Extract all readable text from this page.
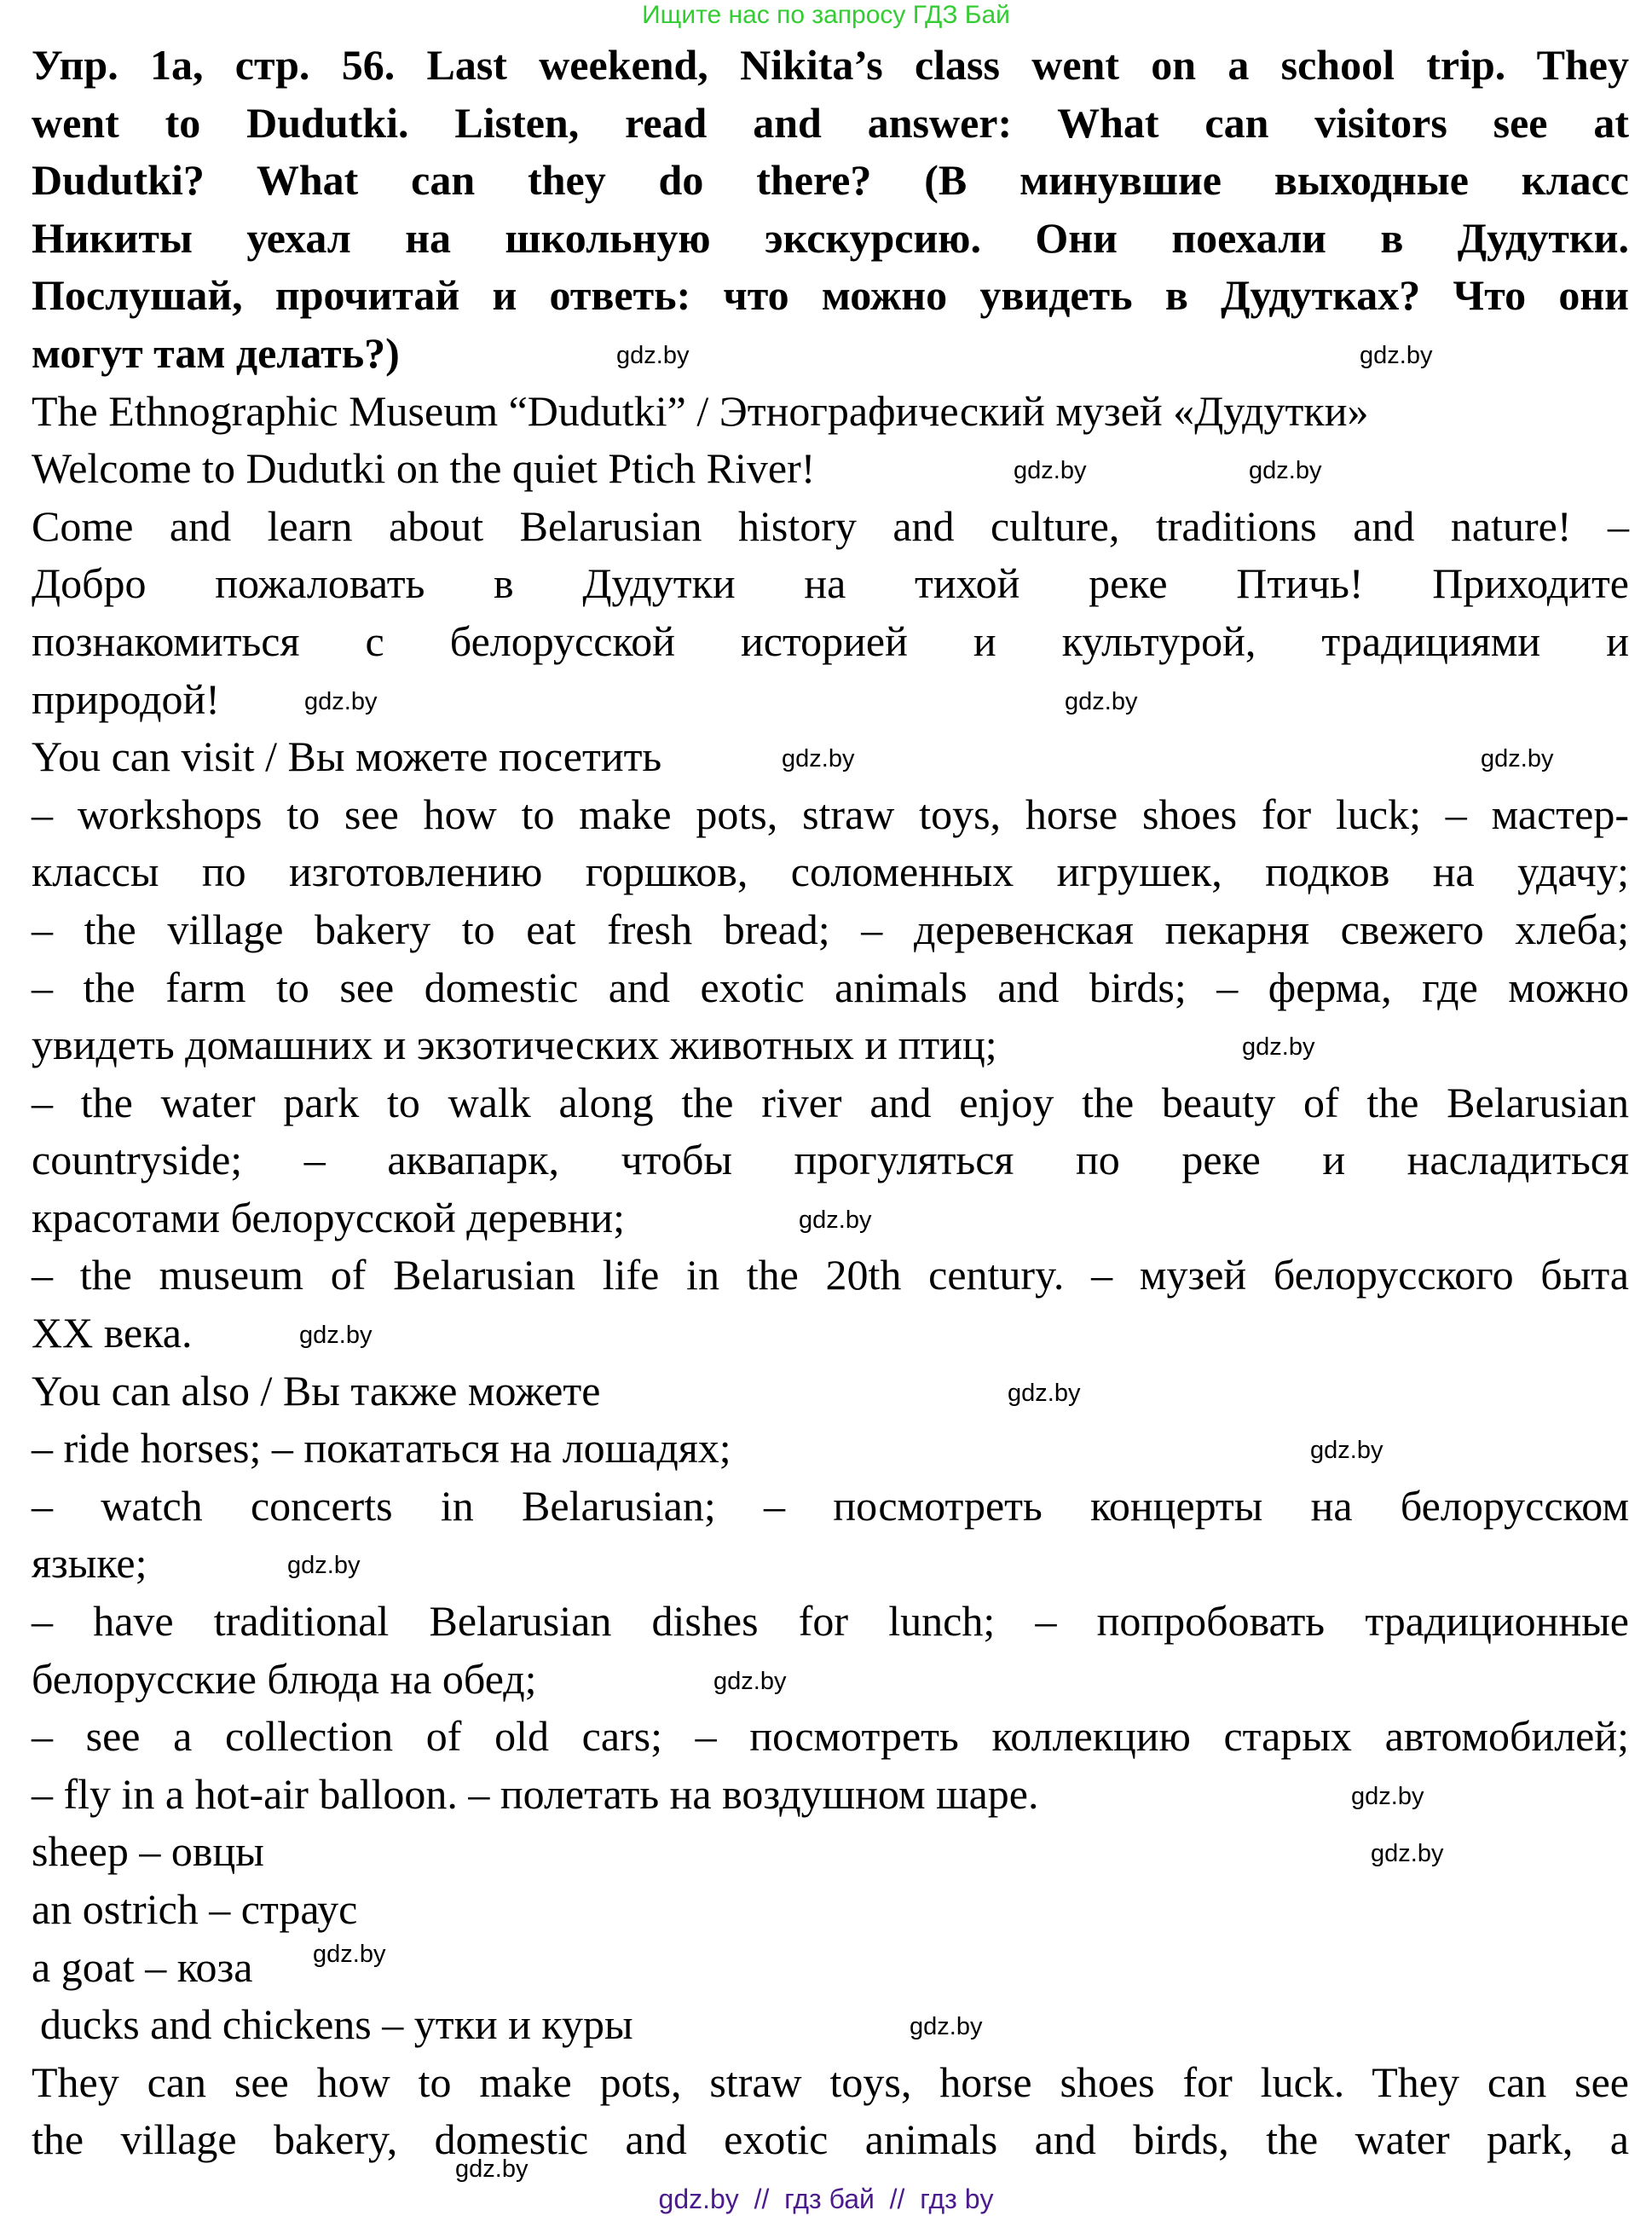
Ищите нас по запросу ГДЗ Бай
Упр. 1a, стр. 56. Last weekend, Nikita’s class went on a school trip. They
went to Dudutki. Listen, read and answer: What can visitors see at
Dudutki? What can they do there? (В минувшие выходные класс
Никиты уехал на школьную экскурсию. Они поехали в Дудутки.
Послушай, прочитай и ответь: что можно увидеть в Дудутках? Что они
могут там делать?)	gdz.by	gdz.by
The Ethnographic Museum “Dudutki” / Этнографический музей «Дудутки»
Welcome to Dudutki on the quiet Ptich River!	gdz.by	gdz.by
Come and learn about Belarusian history and culture, traditions and nature! –
Добро пожаловать в Дудутки на тихой реке Птичь! Приходите
познакомиться с белорусской историей и культурой, традициями и
природой!	gdz.by	gdz.by
You can visit / Вы можете посетить	gdz.by	gdz.by
– workshops to see how to make pots, straw toys, horse shoes for luck; – мастер-
классы по изготовлению горшков, соломенных игрушек, подков на удачу;
– the village bakery to eat fresh bread; – деревенская пекарня свежего хлеба;
– the farm to see domestic and exotic animals and birds; – ферма, где можно
увидеть домашних и экзотических животных и птиц;	gdz.by
– the water park to walk along the river and enjoy the beauty of the Belarusian
countryside; – аквапарк, чтобы прогуляться по реке и насладиться
красотами белорусской деревни;	gdz.by
– the museum of Belarusian life in the 20th century. – музей белорусского быта
XX века.	gdz.by
You can also / Вы также можете	gdz.by
– ride horses; – покататься на лошадях;	gdz.by
– watch concerts in Belarusian; – посмотреть концерты на белорусском
языке;	gdz.by
– have traditional Belarusian dishes for lunch; – попробовать традиционные
белорусские блюда на обед;	gdz.by
– see a collection of old cars; – посмотреть коллекцию старых автомобилей;
– fly in a hot-air balloon. – полетать на воздушном шаре.	gdz.by
sheep – овцы	gdz.by
an ostrich – страус
a goat – коза gdz.by
ducks and chickens – утки и куры	gdz.by
They can see how to make pots, straw toys, horse shoes for luck. They can see
the village bakery, domestic and exotic animals and birds, the water park, a
gdz.by
gdz.by  //  гдз бай  //  гдз by
